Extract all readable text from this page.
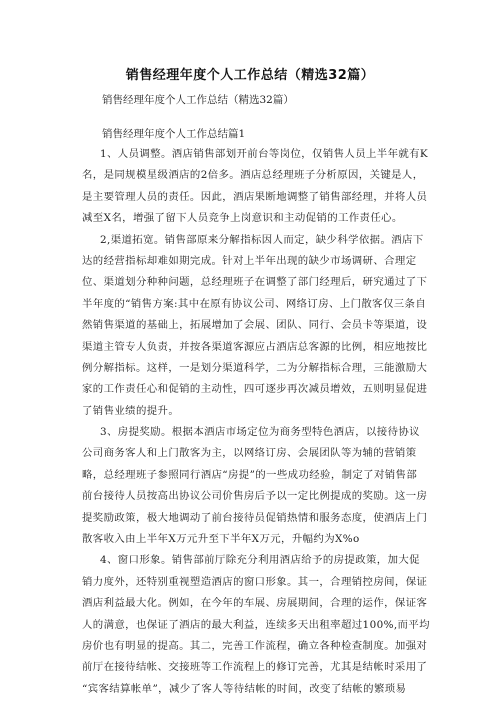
销售经理年度个人工作总结（精选32篇）
销售经理年度个人工作总结（精选32篇）
销售经理年度个人工作总结篇1
1、人员调整。酒店销售部划开前台等岗位，仅销售人员上半年就有K
名，是同规模星级酒店的2倍多。酒店总经理班子分析原因，关键是人，
是主要管理人员的责任。因此，酒店果断地调整了销售部经理，并将人员
减至X名，增强了留下人员竞争上岗意识和主动促销的工作责任心。
2,渠道拓宽。销售部原来分解指标因人而定，缺少科学依据。酒店下
达的经营指标却难如期完成。针对上半年出现的缺少市场调研、合理定
位、渠道划分种种问题，总经理班子在调整了部门经理后，研究通过了下
半年度的“销售方案:其中在原有协议公司、网络订房、上门散客仅三条自
然销售渠道的基础上，拓展增加了会展、团队、同行、会员卡等渠道，设
渠道主管专人负责，并按各渠道客源应占酒店总客源的比例，相应地按比
例分解指标。这样，一是划分渠道科学，二为分解指标合理，三能激励大
家的工作责任心和促销的主动性，四可逐步再次减员增效，五则明显促进
了销售业绩的提升。
3、房提奖励。根据本酒店市场定位为商务型特色酒店，以接待协议
公司商务客人和上门散客为主，以网络订房、会展团队等为辅的营销策
略，总经理班子参照同行酒店“房提”的一些成功经验，制定了对销售部
前台接待人员按高出协议公司价售房后予以一定比例提成的奖励。这一房
提奖励政策，极大地调动了前台接待员促销热情和服务态度，使酒店上门
散客收入由上半年X万元升至下半年X万元，升幅约为X%o
4、窗口形象。销售部前厅除充分利用酒店给予的房提政策，加大促
销力度外，还特别重视塑造酒店的窗口形象。其一，合理销控房间，保证
酒店利益最大化。例如，在今年的车展、房展期间，合理的运作，保证客
人的满意，也保证了酒店的最大利益，连续多天出租率超过100%,而平均
房价也有明显的提高。其二，完善工作流程，确立各种检查制度。加强对
前厅在接待结帐、交接班等工作流程上的修订完善，尤其是结帐时采用了
“宾客结算帐单”，减少了客人等待结帐的时间，改变了结帐的繁琐易
